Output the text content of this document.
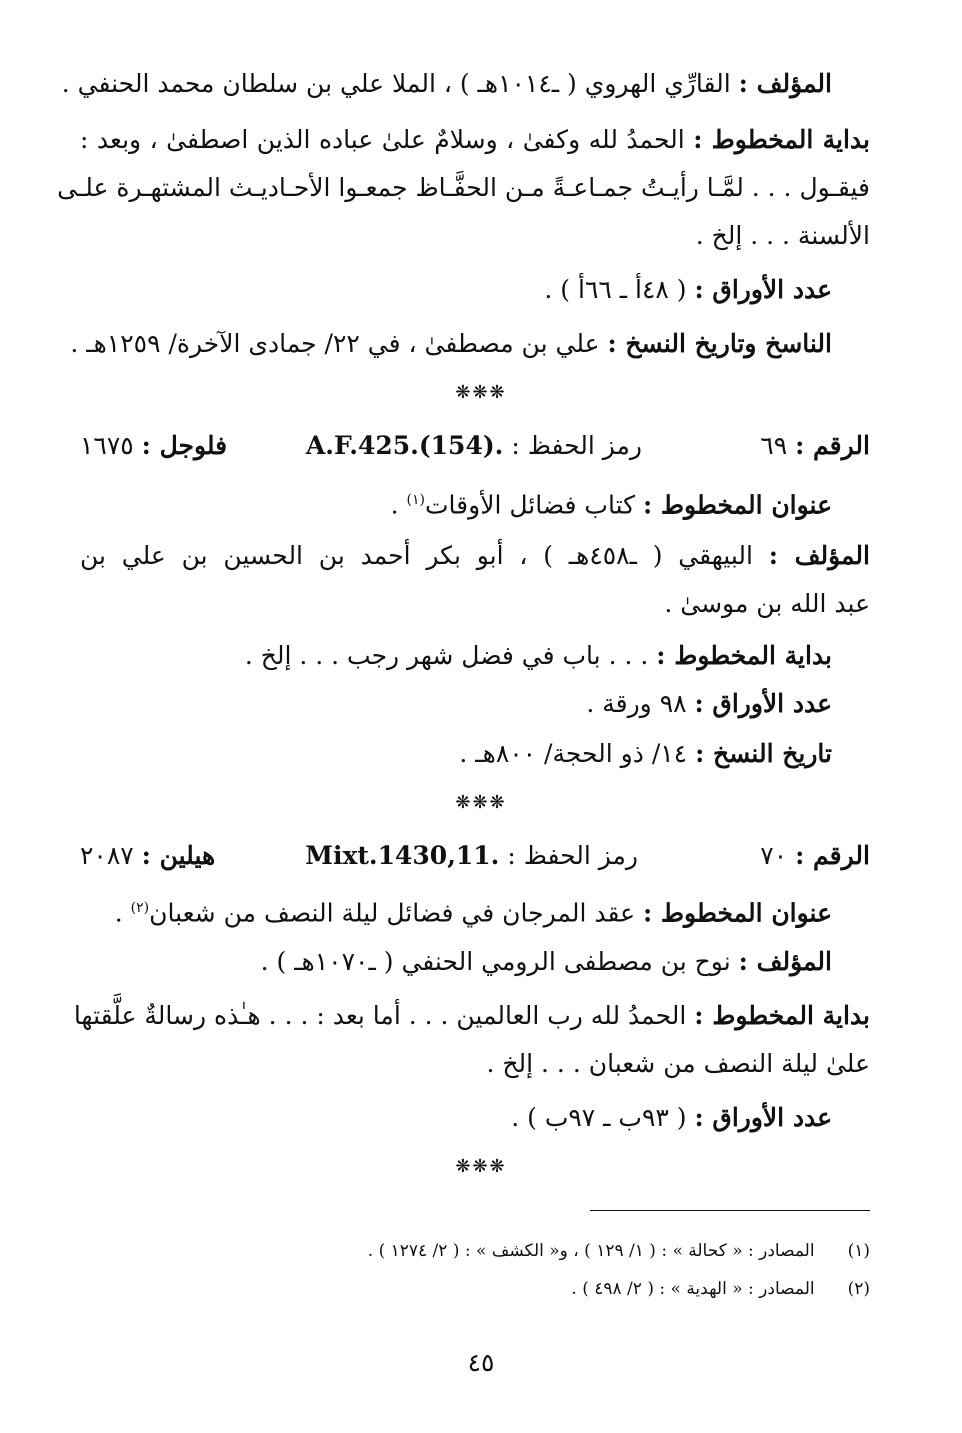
المؤلف : القارِّي الهروي ( ـ١٠١٤هـ ) ، الملا علي بن سلطان محمد الحنفي .
بداية المخطوط : الحمدُ لله وكفىٰ ، وسلامٌ علىٰ عباده الذين اصطفىٰ ، وبعد :
فيقـول . . . لمَّـا رأيـتُ جمـاعـةً مـن الحفَّـاظ جمعـوا الأحـاديـث المشتهـرة علـى
الألسنة . . . إلخ .
عدد الأوراق : ( ٤٨أ ـ ٦٦أ ) .
الناسخ وتاريخ النسخ : علي بن مصطفىٰ ، في ٢٢/ جمادى الآخرة/ ١٢٥٩هـ .
❋❋❋
الرقم : ٦٩
رمز الحفظ : A.F.425.(154).
فلوجل : ١٦٧٥
عنوان المخطوط : كتاب فضائل الأوقات$^{(١)}$ .
المؤلف : البيهقي ( ـ٤٥٨هـ ) ، أبو بكر أحمد بن الحسين بن علي بن
عبد الله بن موسىٰ .
بداية المخطوط : . . . باب في فضل شهر رجب . . . إلخ .
عدد الأوراق : ٩٨ ورقة .
تاريخ النسخ : ١٤/ ذو الحجة/ ٨٠٠هـ .
❋❋❋
الرقم : ٧٠
رمز الحفظ : Mixt.1430,11.
هيلين : ٢٠٨٧
عنوان المخطوط : عقد المرجان في فضائل ليلة النصف من شعبان$^{(٢)}$ .
المؤلف : نوح بن مصطفى الرومي الحنفي ( ـ١٠٧٠هـ ) .
بداية المخطوط : الحمدُ لله رب العالمين . . . أما بعد : . . . هـٰذه رسالةٌ علَّقتها
علىٰ ليلة النصف من شعبان . . . إلخ .
عدد الأوراق : ( ٩٣ب ـ ٩٧ب ) .
❋❋❋
(١) المصادر : « كحالة » : ( ١/ ١٢٩ ) ، و« الكشف » : ( ٢/ ١٢٧٤ ) .
(٢) المصادر : « الهدية » : ( ٢/ ٤٩٨ ) .
٤٥
